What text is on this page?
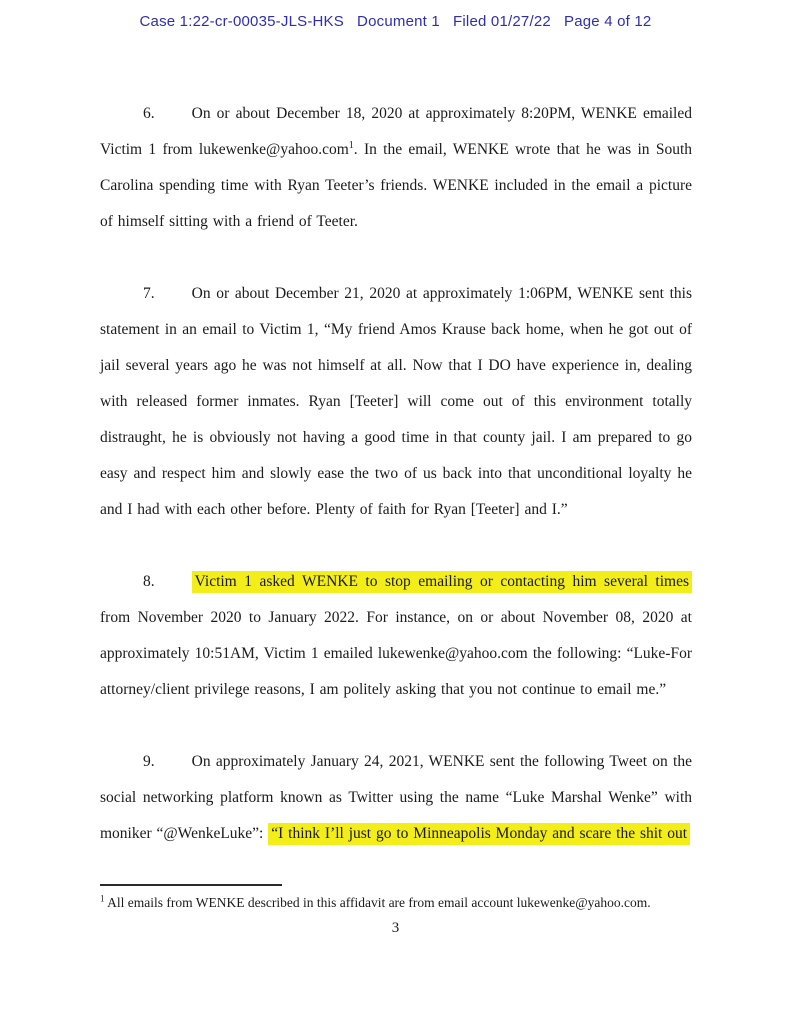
Case 1:22-cr-00035-JLS-HKS   Document 1   Filed 01/27/22   Page 4 of 12

6. On or about December 18, 2020 at approximately 8:20PM, WENKE emailed Victim 1 from lukewenke@yahoo.com$^1$. In the email, WENKE wrote that he was in South Carolina spending time with Ryan Teeter’s friends. WENKE included in the email a picture of himself sitting with a friend of Teeter.

7. On or about December 21, 2020 at approximately 1:06PM, WENKE sent this statement in an email to Victim 1, “My friend Amos Krause back home, when he got out of jail several years ago he was not himself at all. Now that I DO have experience in, dealing with released former inmates. Ryan [Teeter] will come out of this environment totally distraught, he is obviously not having a good time in that county jail. I am prepared to go easy and respect him and slowly ease the two of us back into that unconditional loyalty he and I had with each other before. Plenty of faith for Ryan [Teeter] and I.”

8.	Victim 1 asked WENKE to stop emailing or contacting him several times from November 2020 to January 2022. For instance, on or about November 08, 2020 at approximately 10:51AM, Victim 1 emailed lukewenke@yahoo.com the following: “Luke-For attorney/client privilege reasons, I am politely asking that you not continue to email me.”

9. On approximately January 24, 2021, WENKE sent the following Tweet on the social networking platform known as Twitter using the name “Luke Marshal Wenke” with moniker “@WenkeLuke”: “I think I’ll just go to Minneapolis Monday and scare the shit out

$^1$ All emails from WENKE described in this affidavit are from email account lukewenke@yahoo.com.
3
